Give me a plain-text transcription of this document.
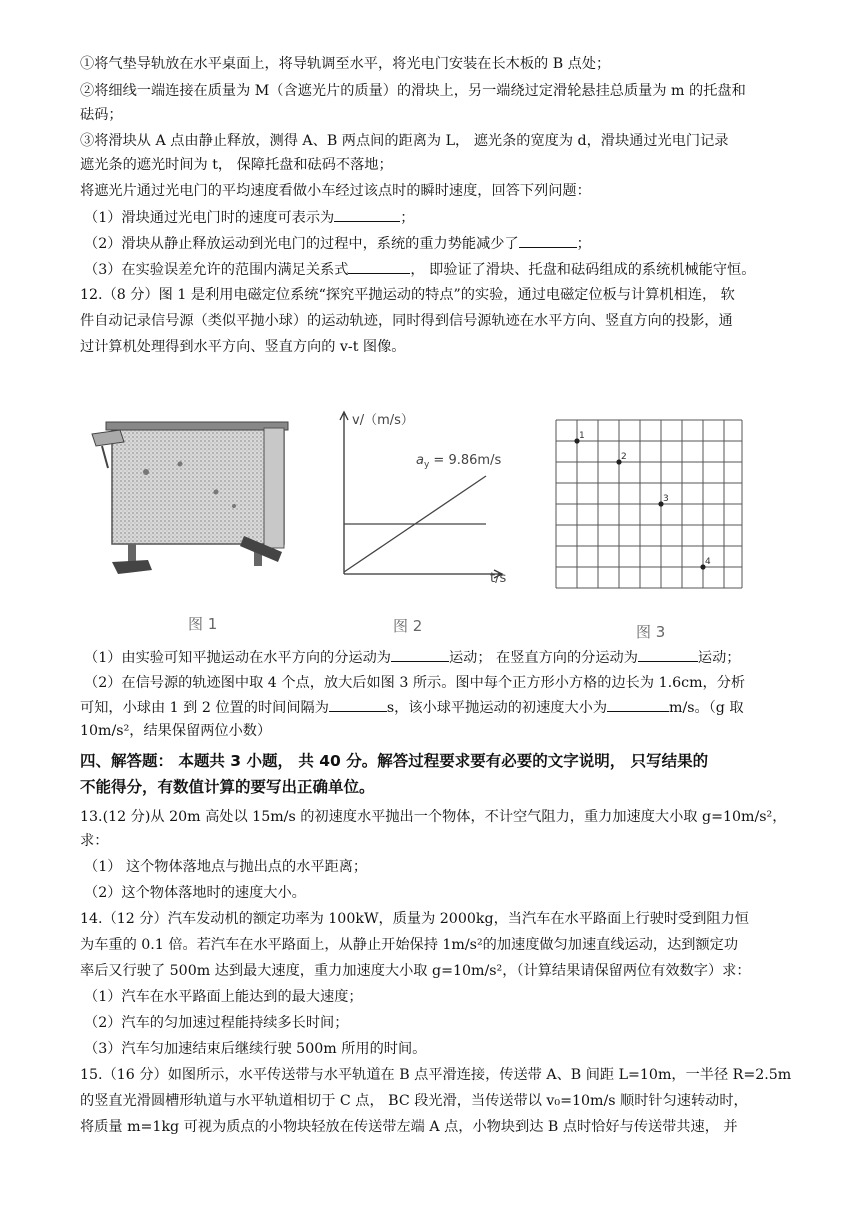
①将气垫导轨放在水平桌面上，将导轨调至水平，将光电门安装在长木板的 B 点处；
②将细线一端连接在质量为 M（含遮光片的质量）的滑块上，另一端绕过定滑轮悬挂总质量为 m 的托盘和
砝码；
③将滑块从 A 点由静止释放，测得 A、B 两点间的距离为 L， 遮光条的宽度为 d，滑块通过光电门记录
遮光条的遮光时间为 t， 保障托盘和砝码不落地；
将遮光片通过光电门的平均速度看做小车经过该点时的瞬时速度，回答下列问题：
（1）滑块通过光电门时的速度可表示为	；
（2）滑块从静止释放运动到光电门的过程中，系统的重力势能减少了	；
（3）在实验误差允许的范围内满足关系式	， 即验证了滑块、托盘和砝码组成的系统机械能守恒。
12.（8 分）图 1 是利用电磁定位系统“探究平抛运动的特点”的实验，通过电磁定位板与计算机相连， 软
件自动记录信号源（类似平抛小球）的运动轨迹，同时得到信号源轨迹在水平方向、竖直方向的投影，通
过计算机处理得到水平方向、竖直方向的 v-t 图像。
图 1
v/（m/s）
t/s
$a_y = 9.86m/s$
图 2
1
2
3
4
图 3
（1）由实验可知平抛运动在水平方向的分运动为	运动； 在竖直方向的分运动为	运动；
（2）在信号源的轨迹图中取 4 个点，放大后如图 3 所示。图中每个正方形小方格的边长为 1.6cm，分析
可知，小球由 1 到 2 位置的时间间隔为	s，该小球平抛运动的初速度大小为	m/s。（g 取
10m/s²，结果保留两位小数）
四、解答题： 本题共 3 小题， 共 40 分。解答过程要求要有必要的文字说明， 只写结果的
不能得分，有数值计算的要写出正确单位。
13.(12 分)从 20m 高处以 15m/s 的初速度水平抛出一个物体，不计空气阻力，重力加速度大小取 g=10m/s²，
求：
（1） 这个物体落地点与抛出点的水平距离；
（2）这个物体落地时的速度大小。
14.（12 分）汽车发动机的额定功率为 100kW，质量为 2000kg，当汽车在水平路面上行驶时受到阻力恒
为车重的 0.1 倍。若汽车在水平路面上，从静止开始保持 1m/s²的加速度做匀加速直线运动，达到额定功
率后又行驶了 500m 达到最大速度，重力加速度大小取 g=10m/s²，（计算结果请保留两位有效数字）求：
（1）汽车在水平路面上能达到的最大速度；
（2）汽车的匀加速过程能持续多长时间；
（3）汽车匀加速结束后继续行驶 500m 所用的时间。
15.（16 分）如图所示，水平传送带与水平轨道在 B 点平滑连接，传送带 A、B 间距 L=10m，一半径 R=2.5m
的竖直光滑圆槽形轨道与水平轨道相切于 C 点， BC 段光滑，当传送带以 v₀=10m/s 顺时针匀速转动时，
将质量 m=1kg 可视为质点的小物块轻放在传送带左端 A 点，小物块到达 B 点时恰好与传送带共速， 并
